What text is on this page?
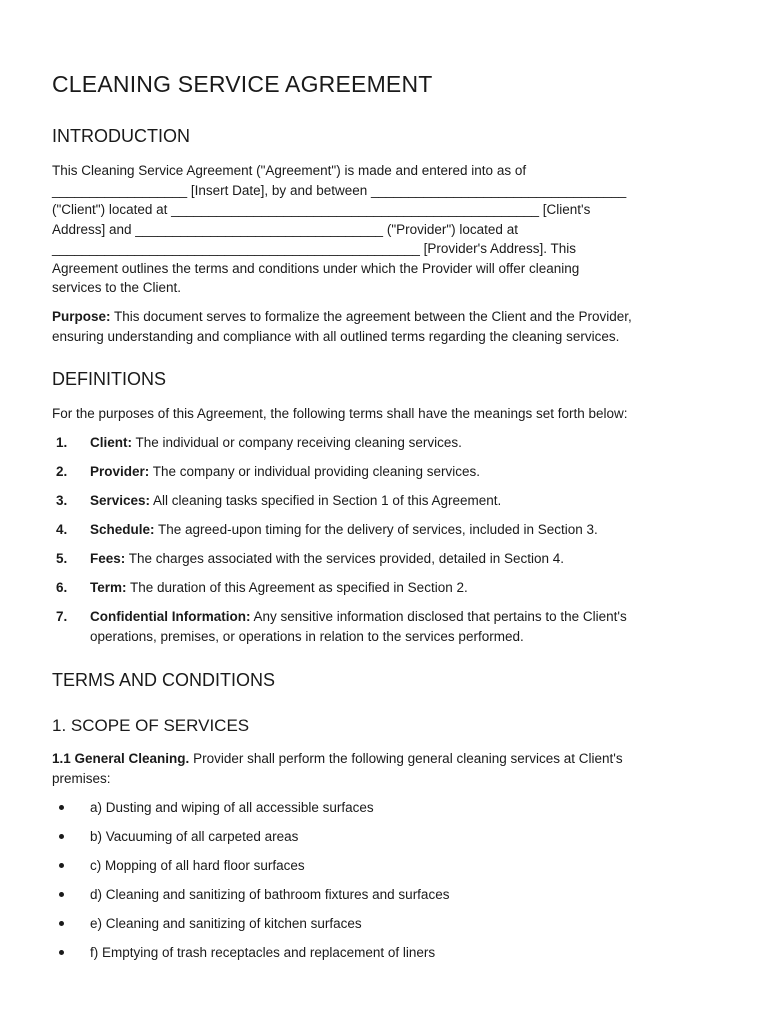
CLEANING SERVICE AGREEMENT
INTRODUCTION

This Cleaning Service Agreement ("Agreement") is made and entered into as of
__________________ [Insert Date], by and between __________________________________
("Client") located at _________________________________________________ [Client's
Address] and _________________________________ ("Provider") located at
_________________________________________________ [Provider's Address]. This
Agreement outlines the terms and conditions under which the Provider will offer cleaning
services to the Client.

Purpose: This document serves to formalize the agreement between the Client and the Provider,
ensuring understanding and compliance with all outlined terms regarding the cleaning services.

DEFINITIONS

For the purposes of this Agreement, the following terms shall have the meanings set forth below:

1. Client: The individual or company receiving cleaning services.
2. Provider: The company or individual providing cleaning services.
3. Services: All cleaning tasks specified in Section 1 of this Agreement.
4. Schedule: The agreed-upon timing for the delivery of services, included in Section 3.
5. Fees: The charges associated with the services provided, detailed in Section 4.
6. Term: The duration of this Agreement as specified in Section 2.
7. Confidential Information: Any sensitive information disclosed that pertains to the Client's
operations, premises, or operations in relation to the services performed.
TERMS AND CONDITIONS
1. SCOPE OF SERVICES

1.1 General Cleaning. Provider shall perform the following general cleaning services at Client's
premises:

a) Dusting and wiping of all accessible surfaces
b) Vacuuming of all carpeted areas
c) Mopping of all hard floor surfaces
d) Cleaning and sanitizing of bathroom fixtures and surfaces
e) Cleaning and sanitizing of kitchen surfaces
f) Emptying of trash receptacles and replacement of liners
